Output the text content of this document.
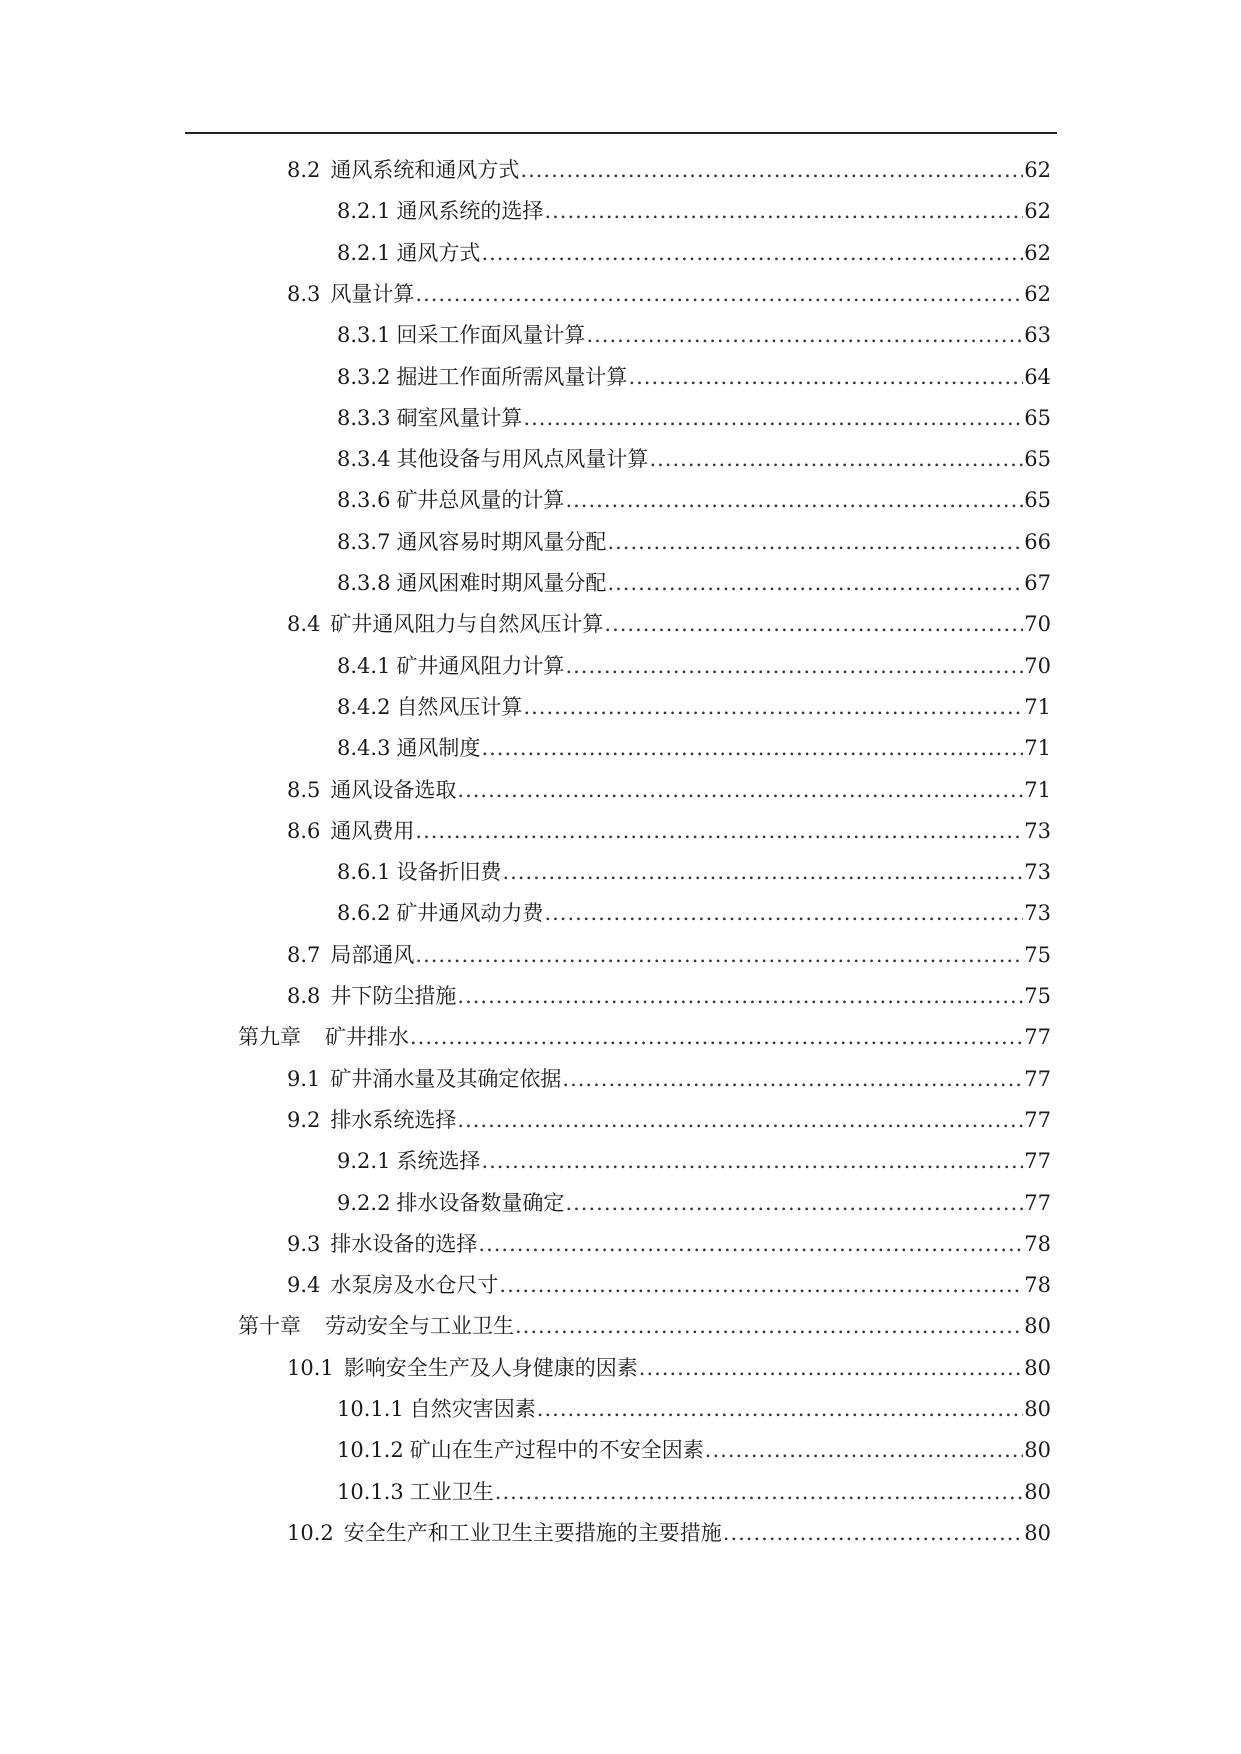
8.2 通风系统和通风方式 .....	62
8.2.1 通风系统的选择 .....	62
8.2.1 通风方式 .....	62
8.3 风量计算 .....	62
8.3.1 回采工作面风量计算 .....	63
8.3.2 掘进工作面所需风量计算 .....	64
8.3.3 硐室风量计算 .....	65
8.3.4 其他设备与用风点风量计算 .....	65
8.3.6 矿井总风量的计算 .....	65
8.3.7 通风容易时期风量分配 .....	66
8.3.8 通风困难时期风量分配 .....	67
8.4 矿井通风阻力与自然风压计算 .....	70
8.4.1 矿井通风阻力计算 .....	70
8.4.2 自然风压计算 .....	71
8.4.3 通风制度 .....	71
8.5 通风设备选取 .....	71
8.6 通风费用 .....	73
8.6.1 设备折旧费 .....	73
8.6.2 矿井通风动力费 .....	73
8.7 局部通风 .....	75
8.8 井下防尘措施 .....	75
第九章 矿井排水 .....	77
9.1 矿井涌水量及其确定依据 .....	77
9.2 排水系统选择 .....	77
9.2.1 系统选择 .....	77
9.2.2 排水设备数量确定 .....	77
9.3 排水设备的选择 .....	78
9.4 水泵房及水仓尺寸 .....	78
第十章 劳动安全与工业卫生 .....	80
10.1 影响安全生产及人身健康的因素 .....	80
10.1.1 自然灾害因素 .....	80
10.1.2 矿山在生产过程中的不安全因素 .....	80
10.1.3 工业卫生 .....	80
10.2 安全生产和工业卫生主要措施的主要措施 .....	80
